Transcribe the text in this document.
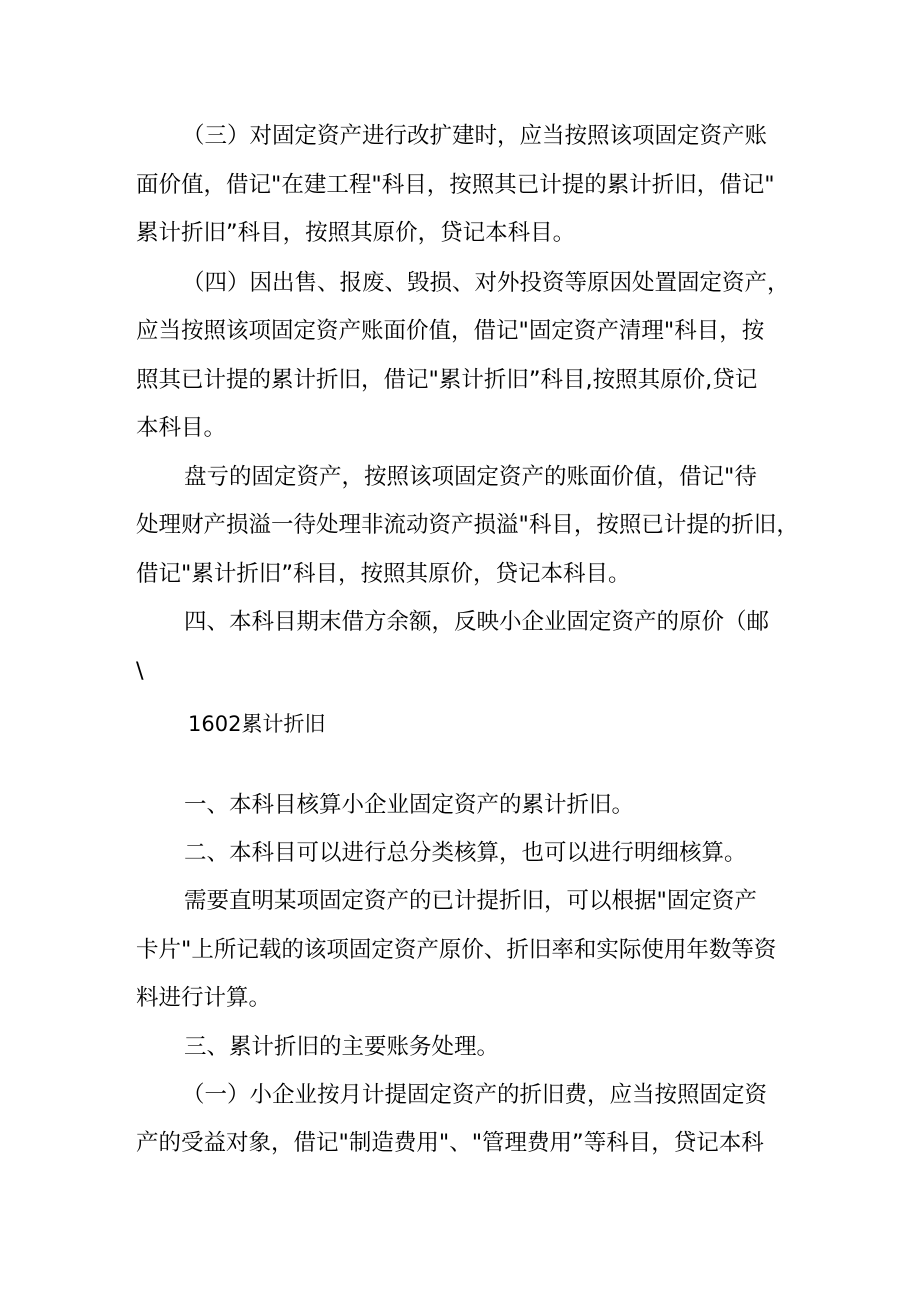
（三）对固定资产进行改扩建时，应当按照该项固定资产账
面价值，借记"在建工程"科目，按照其已计提的累计折旧，借记"
累计折旧”科目，按照其原价，贷记本科目。
（四）因出售、报废、毁损、对外投资等原因处置固定资产，
应当按照该项固定资产账面价值，借记"固定资产清理"科目，按
照其已计提的累计折旧，借记"累计折旧”科目,按照其原价,贷记
本科目。
盘亏的固定资产，按照该项固定资产的账面价值，借记"待
处理财产损溢一待处理非流动资产损溢"科目，按照已计提的折旧，
借记"累计折旧”科目，按照其原价，贷记本科目。
四、本科目期末借方余额，反映小企业固定资产的原价（邮
\
1602累计折旧
一、本科目核算小企业固定资产的累计折旧。
二、本科目可以进行总分类核算，也可以进行明细核算。
需要直明某项固定资产的已计提折旧，可以根据"固定资产
卡片"上所记载的该项固定资产原价、折旧率和实际使用年数等资
料进行计算。
三、累计折旧的主要账务处理。
（一）小企业按月计提固定资产的折旧费，应当按照固定资
产的受益对象，借记"制造费用"、"管理费用”等科目，贷记本科
